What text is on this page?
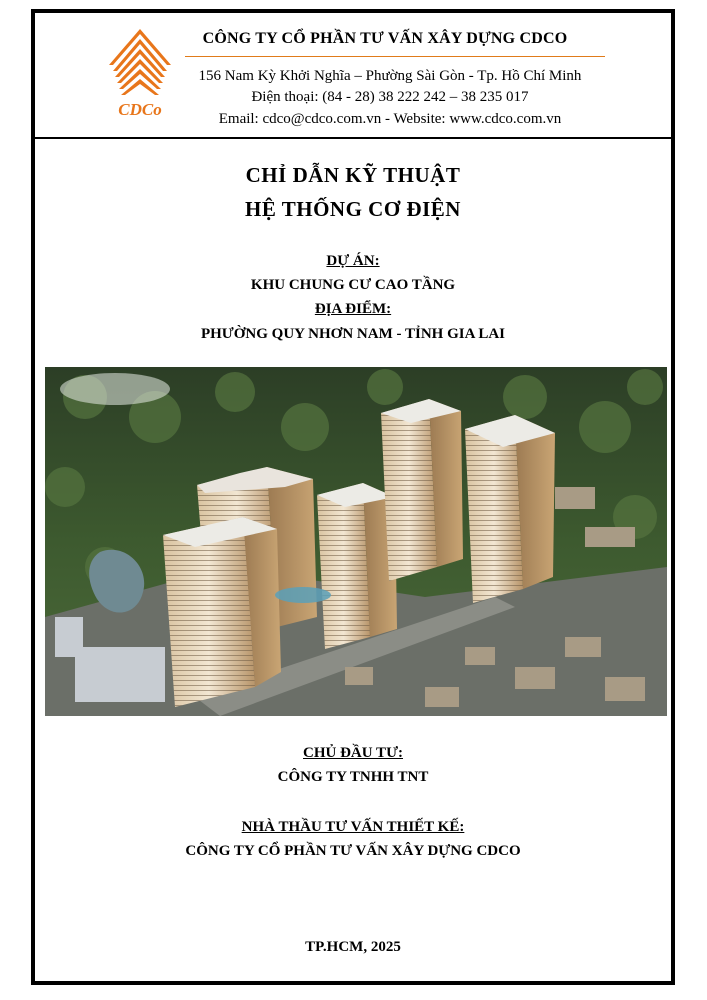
CDCo
CÔNG TY CỔ PHẦN TƯ VẤN XÂY DỰNG CDCO
156 Nam Kỳ Khởi Nghĩa – Phường Sài Gòn - Tp. Hồ Chí Minh
Điện thoại: (84 - 28) 38 222 242 – 38 235 017
Email: cdco@cdco.com.vn - Website: www.cdco.com.vn
CHỈ DẪN KỸ THUẬT
HỆ THỐNG CƠ ĐIỆN
DỰ ÁN:
KHU CHUNG CƯ CAO TẦNG
ĐỊA ĐIỂM:
PHƯỜNG QUY NHƠN NAM - TỈNH GIA LAI
CHỦ ĐẦU TƯ:
CÔNG TY TNHH TNT
NHÀ THẦU TƯ VẤN THIẾT KẾ:
CÔNG TY CỔ PHẦN TƯ VẤN XÂY DỰNG CDCO
TP.HCM, 2025
